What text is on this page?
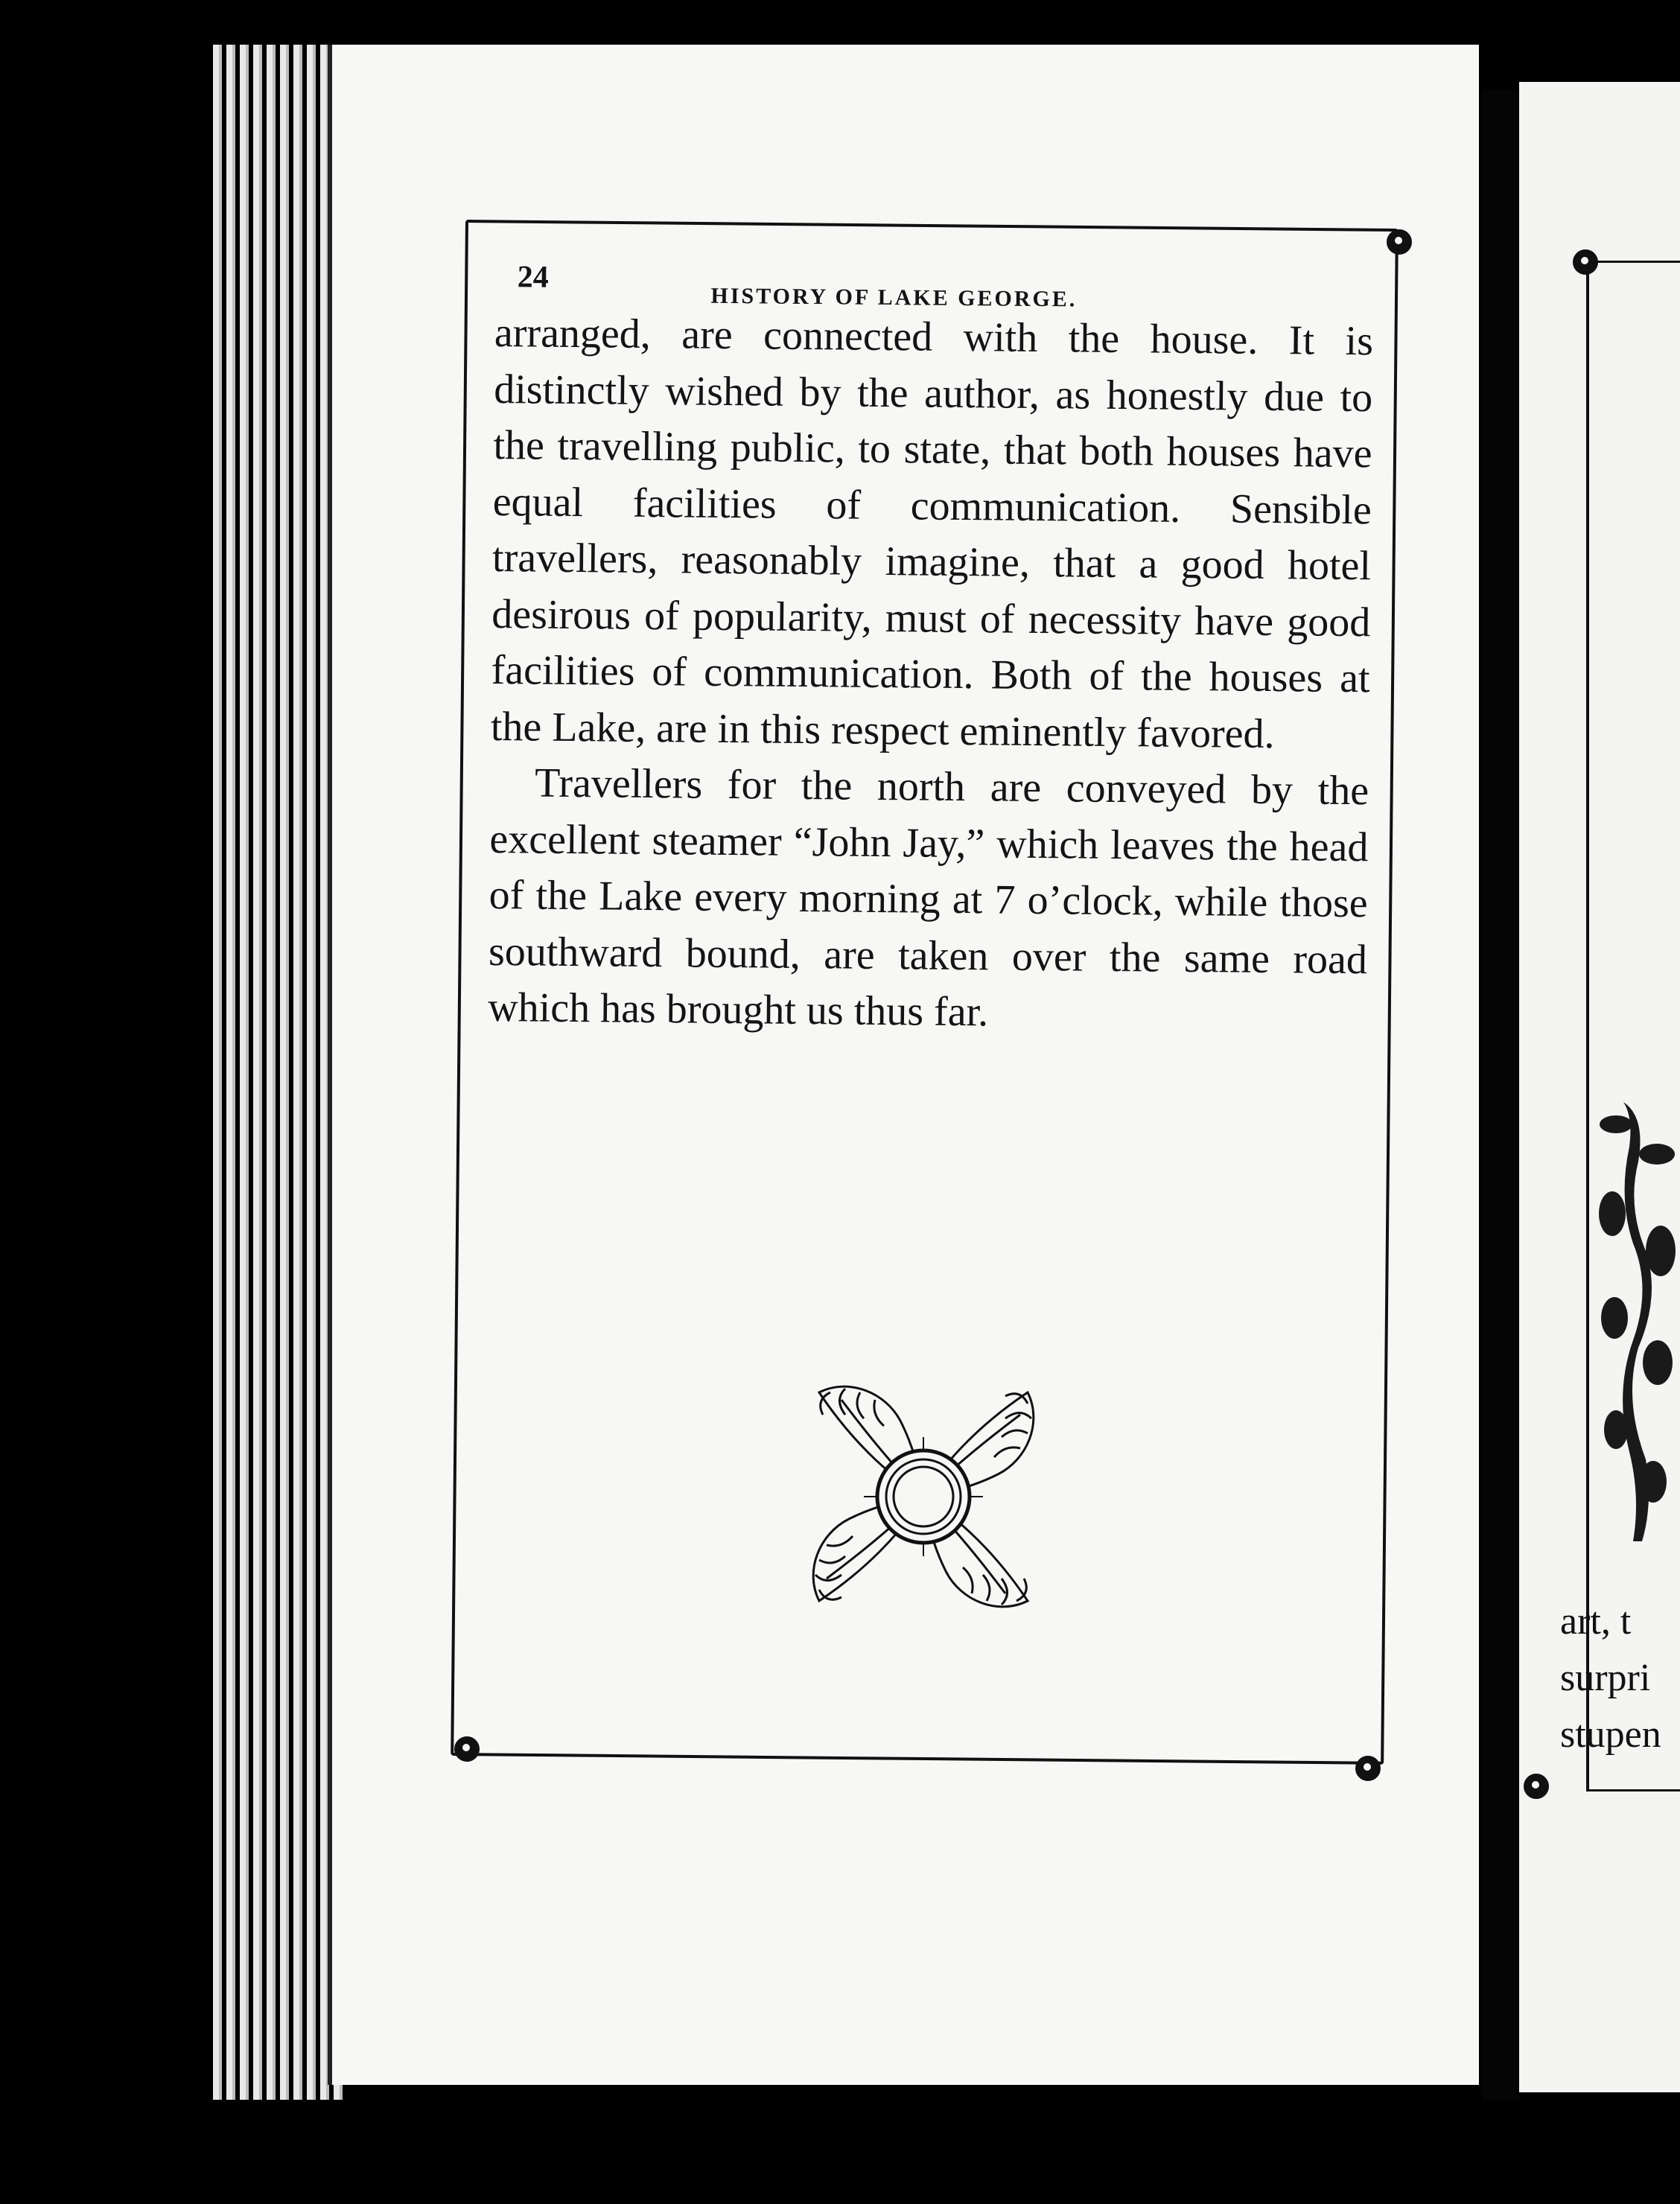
24
HISTORY OF LAKE GEORGE.

arranged, are connected with the house. It is distinctly wished by the author, as honestly due to the travelling public, to state, that both houses have equal facilities of communication. Sensible travellers, reasonably imagine, that a good hotel desirous of popularity, must of necessity have good facilities of communication. Both of the houses at the Lake, are in this respect eminently favored.

Travellers for the north are conveyed by the excellent steamer “John Jay,” which leaves the head of the Lake every morning at 7 o’clock, while those southward bound, are taken over the same road which has brought us thus far.

art, t
surpri
stupen
